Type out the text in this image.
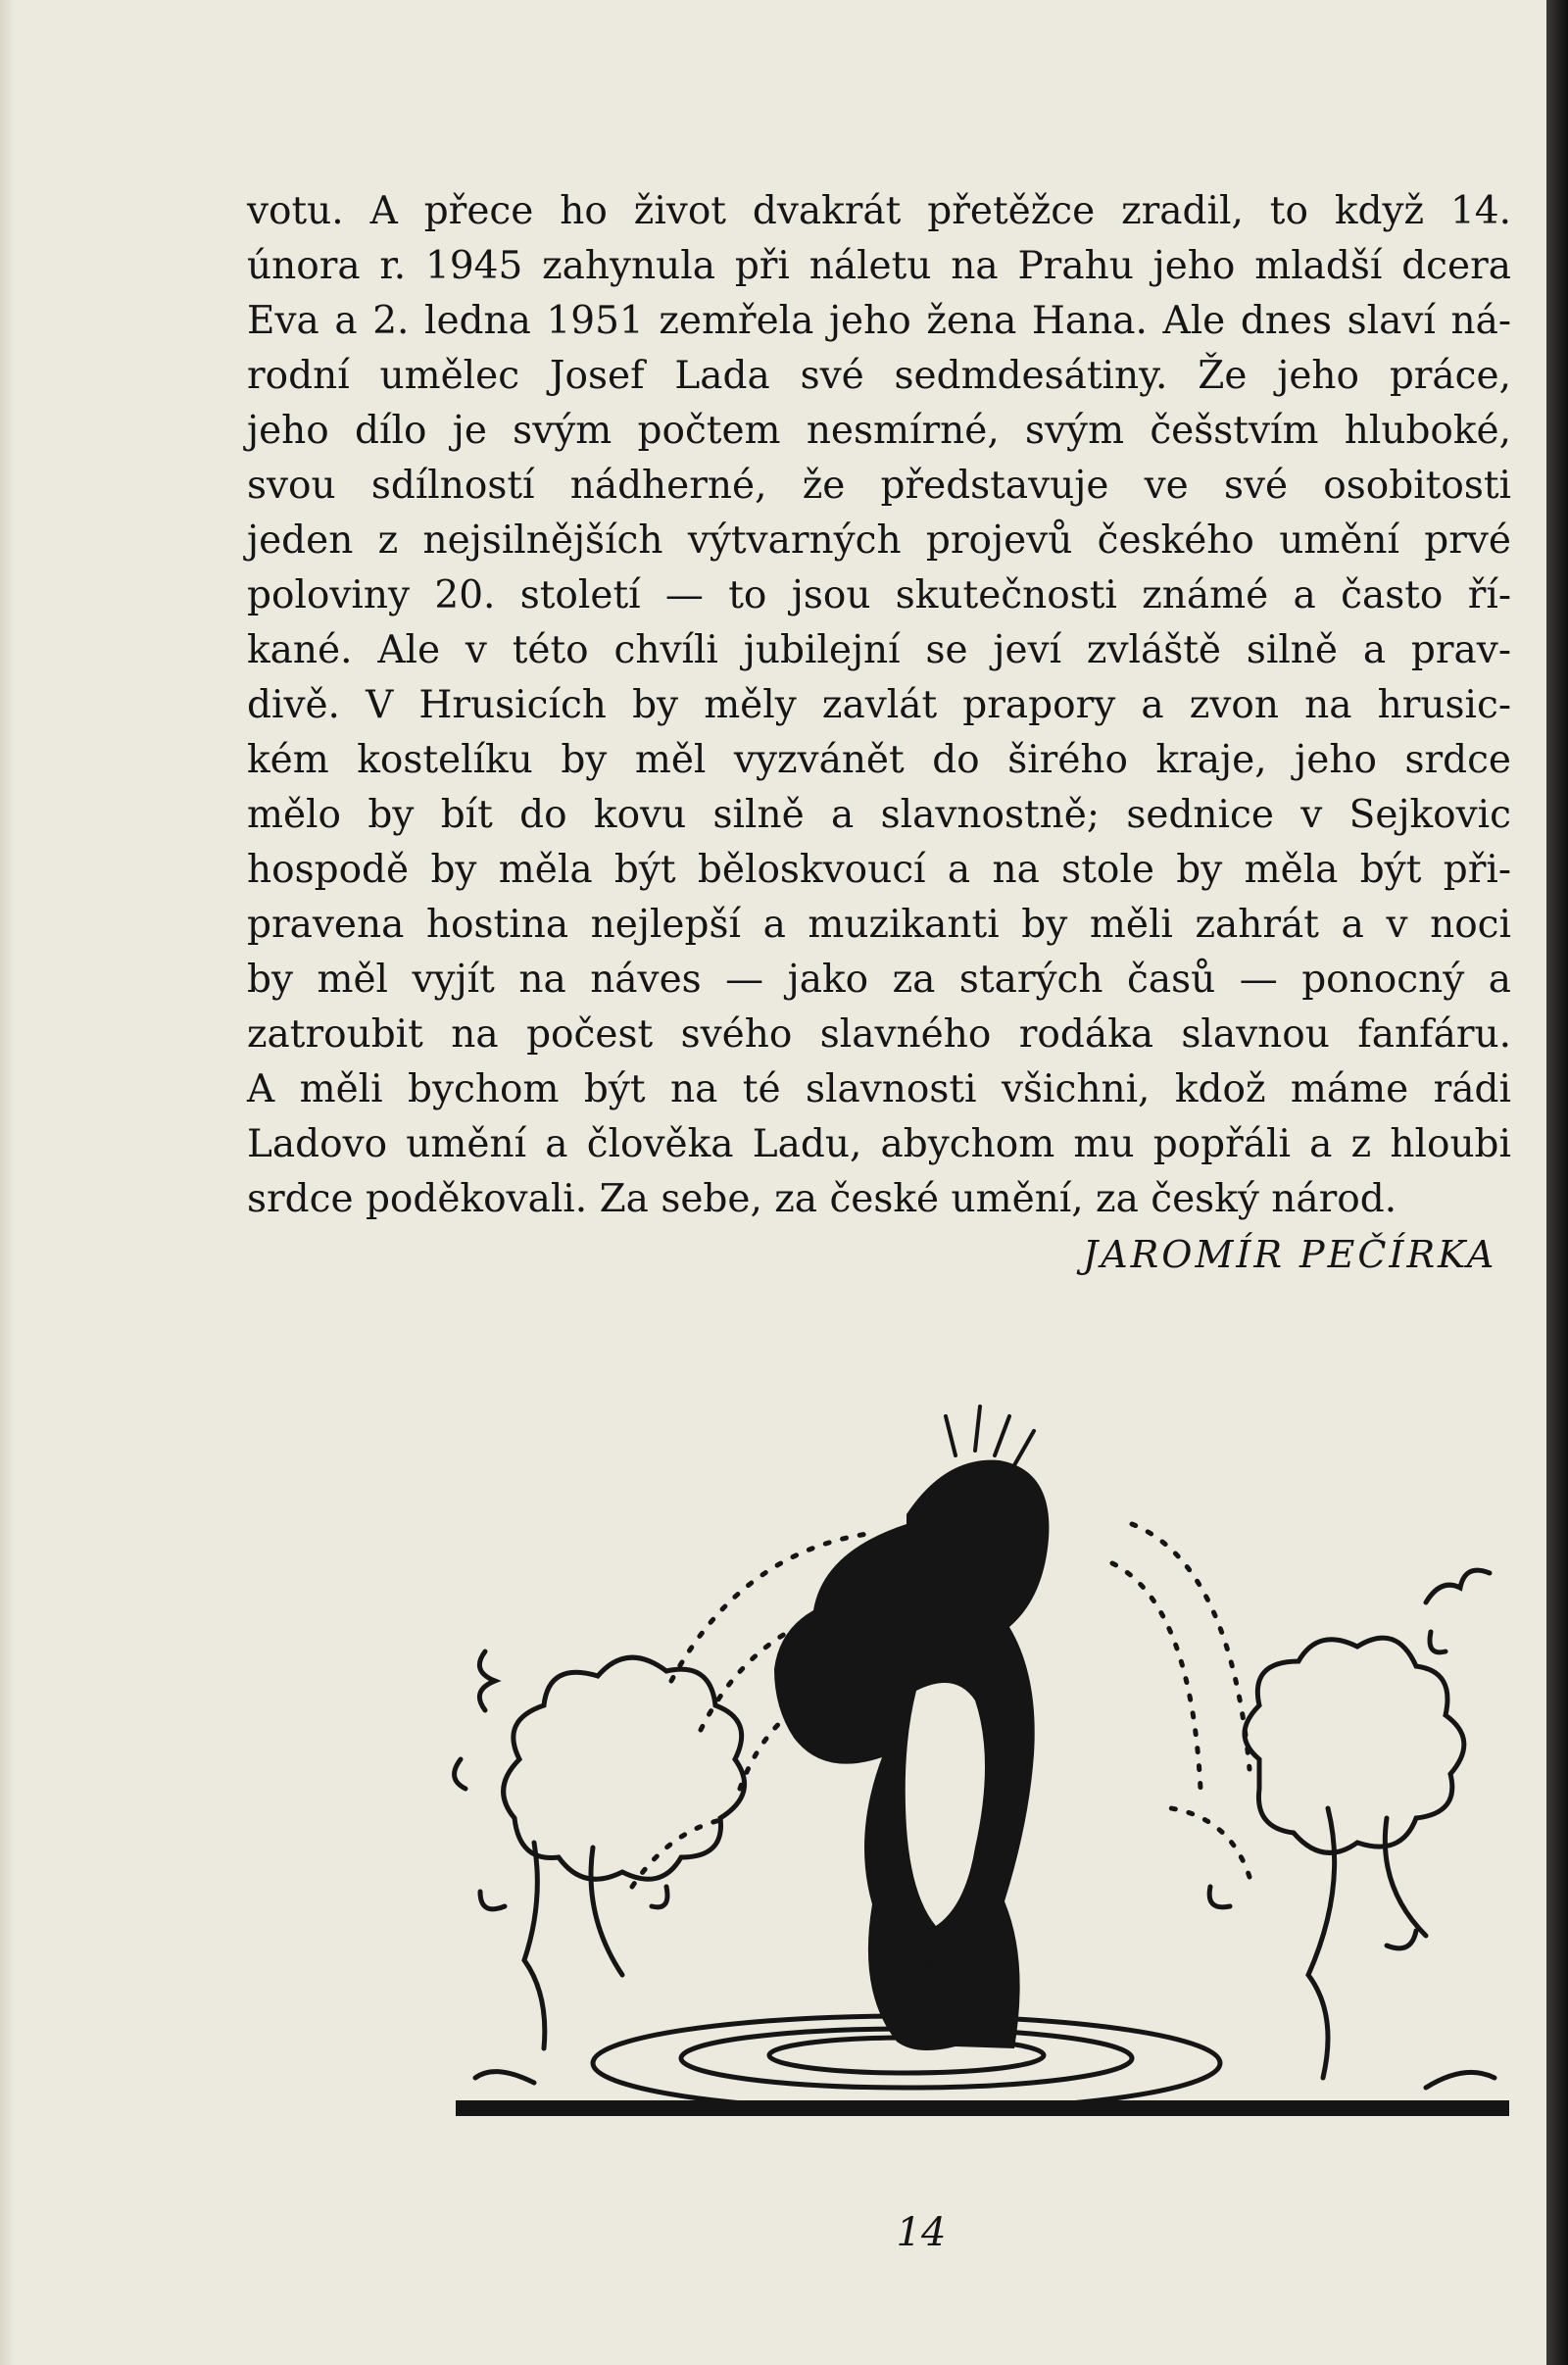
votu. A přece ho život dvakrát přetěžce zradil, to když 14.
února r. 1945 zahynula při náletu na Prahu jeho mladší dcera
Eva a 2. ledna 1951 zemřela jeho žena Hana. Ale dnes slaví ná-
rodní umělec Josef Lada své sedmdesátiny. Že jeho práce,
jeho dílo je svým počtem nesmírné, svým češstvím hluboké,
svou sdílností nádherné, že představuje ve své osobitosti
jeden z nejsilnějších výtvarných projevů českého umění prvé
poloviny 20. století — to jsou skutečnosti známé a často ří-
kané. Ale v této chvíli jubilejní se jeví zvláště silně a prav-
divě. V Hrusicích by měly zavlát prapory a zvon na hrusic-
kém kostelíku by měl vyzvánět do širého kraje, jeho srdce
mělo by bít do kovu silně a slavnostně; sednice v Sejkovic
hospodě by měla být běloskvoucí a na stole by měla být při-
pravena hostina nejlepší a muzikanti by měli zahrát a v noci
by měl vyjít na náves — jako za starých časů — ponocný a
zatroubit na počest svého slavného rodáka slavnou fanfáru.
A měli bychom být na té slavnosti všichni, kdož máme rádi
Ladovo umění a člověka Ladu, abychom mu popřáli a z hloubi
srdce poděkovali. Za sebe, za české umění, za český národ.
JAROMÍR PEČÍRKA
14
